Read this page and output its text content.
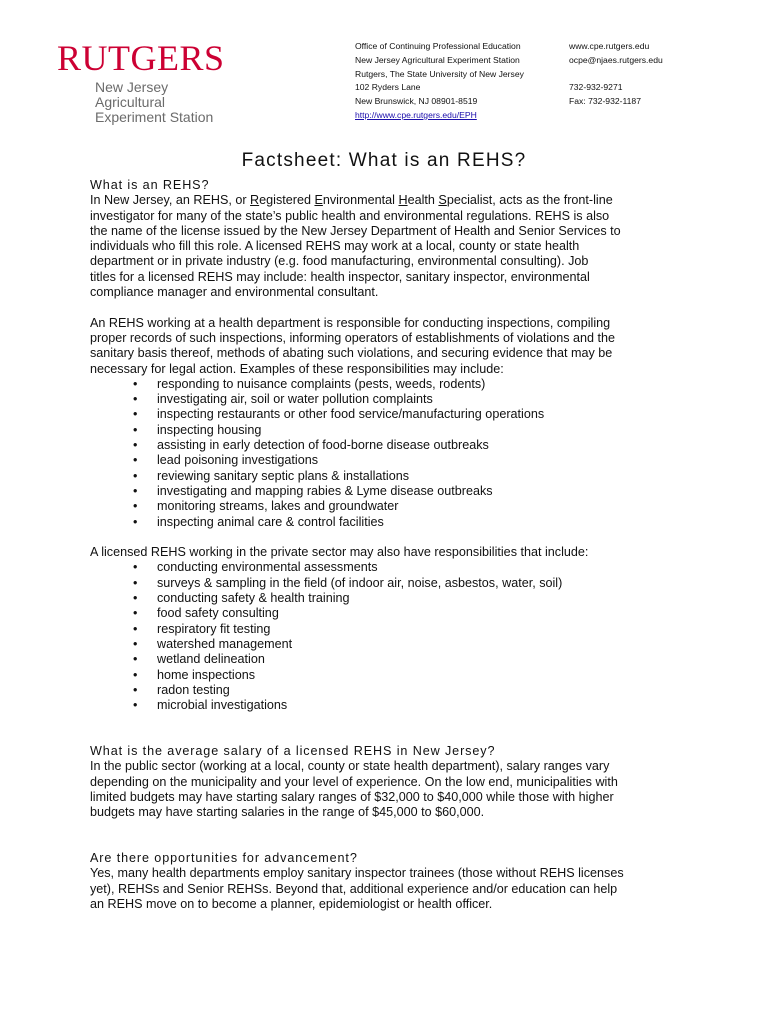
RUTGERS
New Jersey Agricultural
Experiment Station
Office of Continuing Professional Education
New Jersey Agricultural Experiment Station
Rutgers, The State University of New Jersey
102 Ryders Lane
New Brunswick, NJ 08901-8519
http://www.cpe.rutgers.edu/EPH
www.cpe.rutgers.edu
ocpe@njaes.rutgers.edu
732-932-9271
Fax: 732-932-1187
Factsheet: What is an REHS?
What is an REHS?
In New Jersey, an REHS, or Registered Environmental Health Specialist, acts as the front-line
investigator for many of the state’s public health and environmental regulations. REHS is also
the name of the license issued by the New Jersey Department of Health and Senior Services to
individuals who fill this role. A licensed REHS may work at a local, county or state health
department or in private industry (e.g. food manufacturing, environmental consulting). Job
titles for a licensed REHS may include: health inspector, sanitary inspector, environmental
compliance manager and environmental consultant.
An REHS working at a health department is responsible for conducting inspections, compiling
proper records of such inspections, informing operators of establishments of violations and the
sanitary basis thereof, methods of abating such violations, and securing evidence that may be
necessary for legal action. Examples of these responsibilities may include:
• responding to nuisance complaints (pests, weeds, rodents)
• investigating air, soil or water pollution complaints
• inspecting restaurants or other food service/manufacturing operations
• inspecting housing
• assisting in early detection of food-borne disease outbreaks
• lead poisoning investigations
• reviewing sanitary septic plans & installations
• investigating and mapping rabies & Lyme disease outbreaks
• monitoring streams, lakes and groundwater
• inspecting animal care & control facilities
A licensed REHS working in the private sector may also have responsibilities that include:
• conducting environmental assessments
• surveys & sampling in the field (of indoor air, noise, asbestos, water, soil)
• conducting safety & health training
• food safety consulting
• respiratory fit testing
• watershed management
• wetland delineation
• home inspections
• radon testing
• microbial investigations
What is the average salary of a licensed REHS in New Jersey?
In the public sector (working at a local, county or state health department), salary ranges vary
depending on the municipality and your level of experience. On the low end, municipalities with
limited budgets may have starting salary ranges of $32,000 to $40,000 while those with higher
budgets may have starting salaries in the range of $45,000 to $60,000.
Are there opportunities for advancement?
Yes, many health departments employ sanitary inspector trainees (those without REHS licenses
yet), REHSs and Senior REHSs. Beyond that, additional experience and/or education can help
an REHS move on to become a planner, epidemiologist or health officer.
